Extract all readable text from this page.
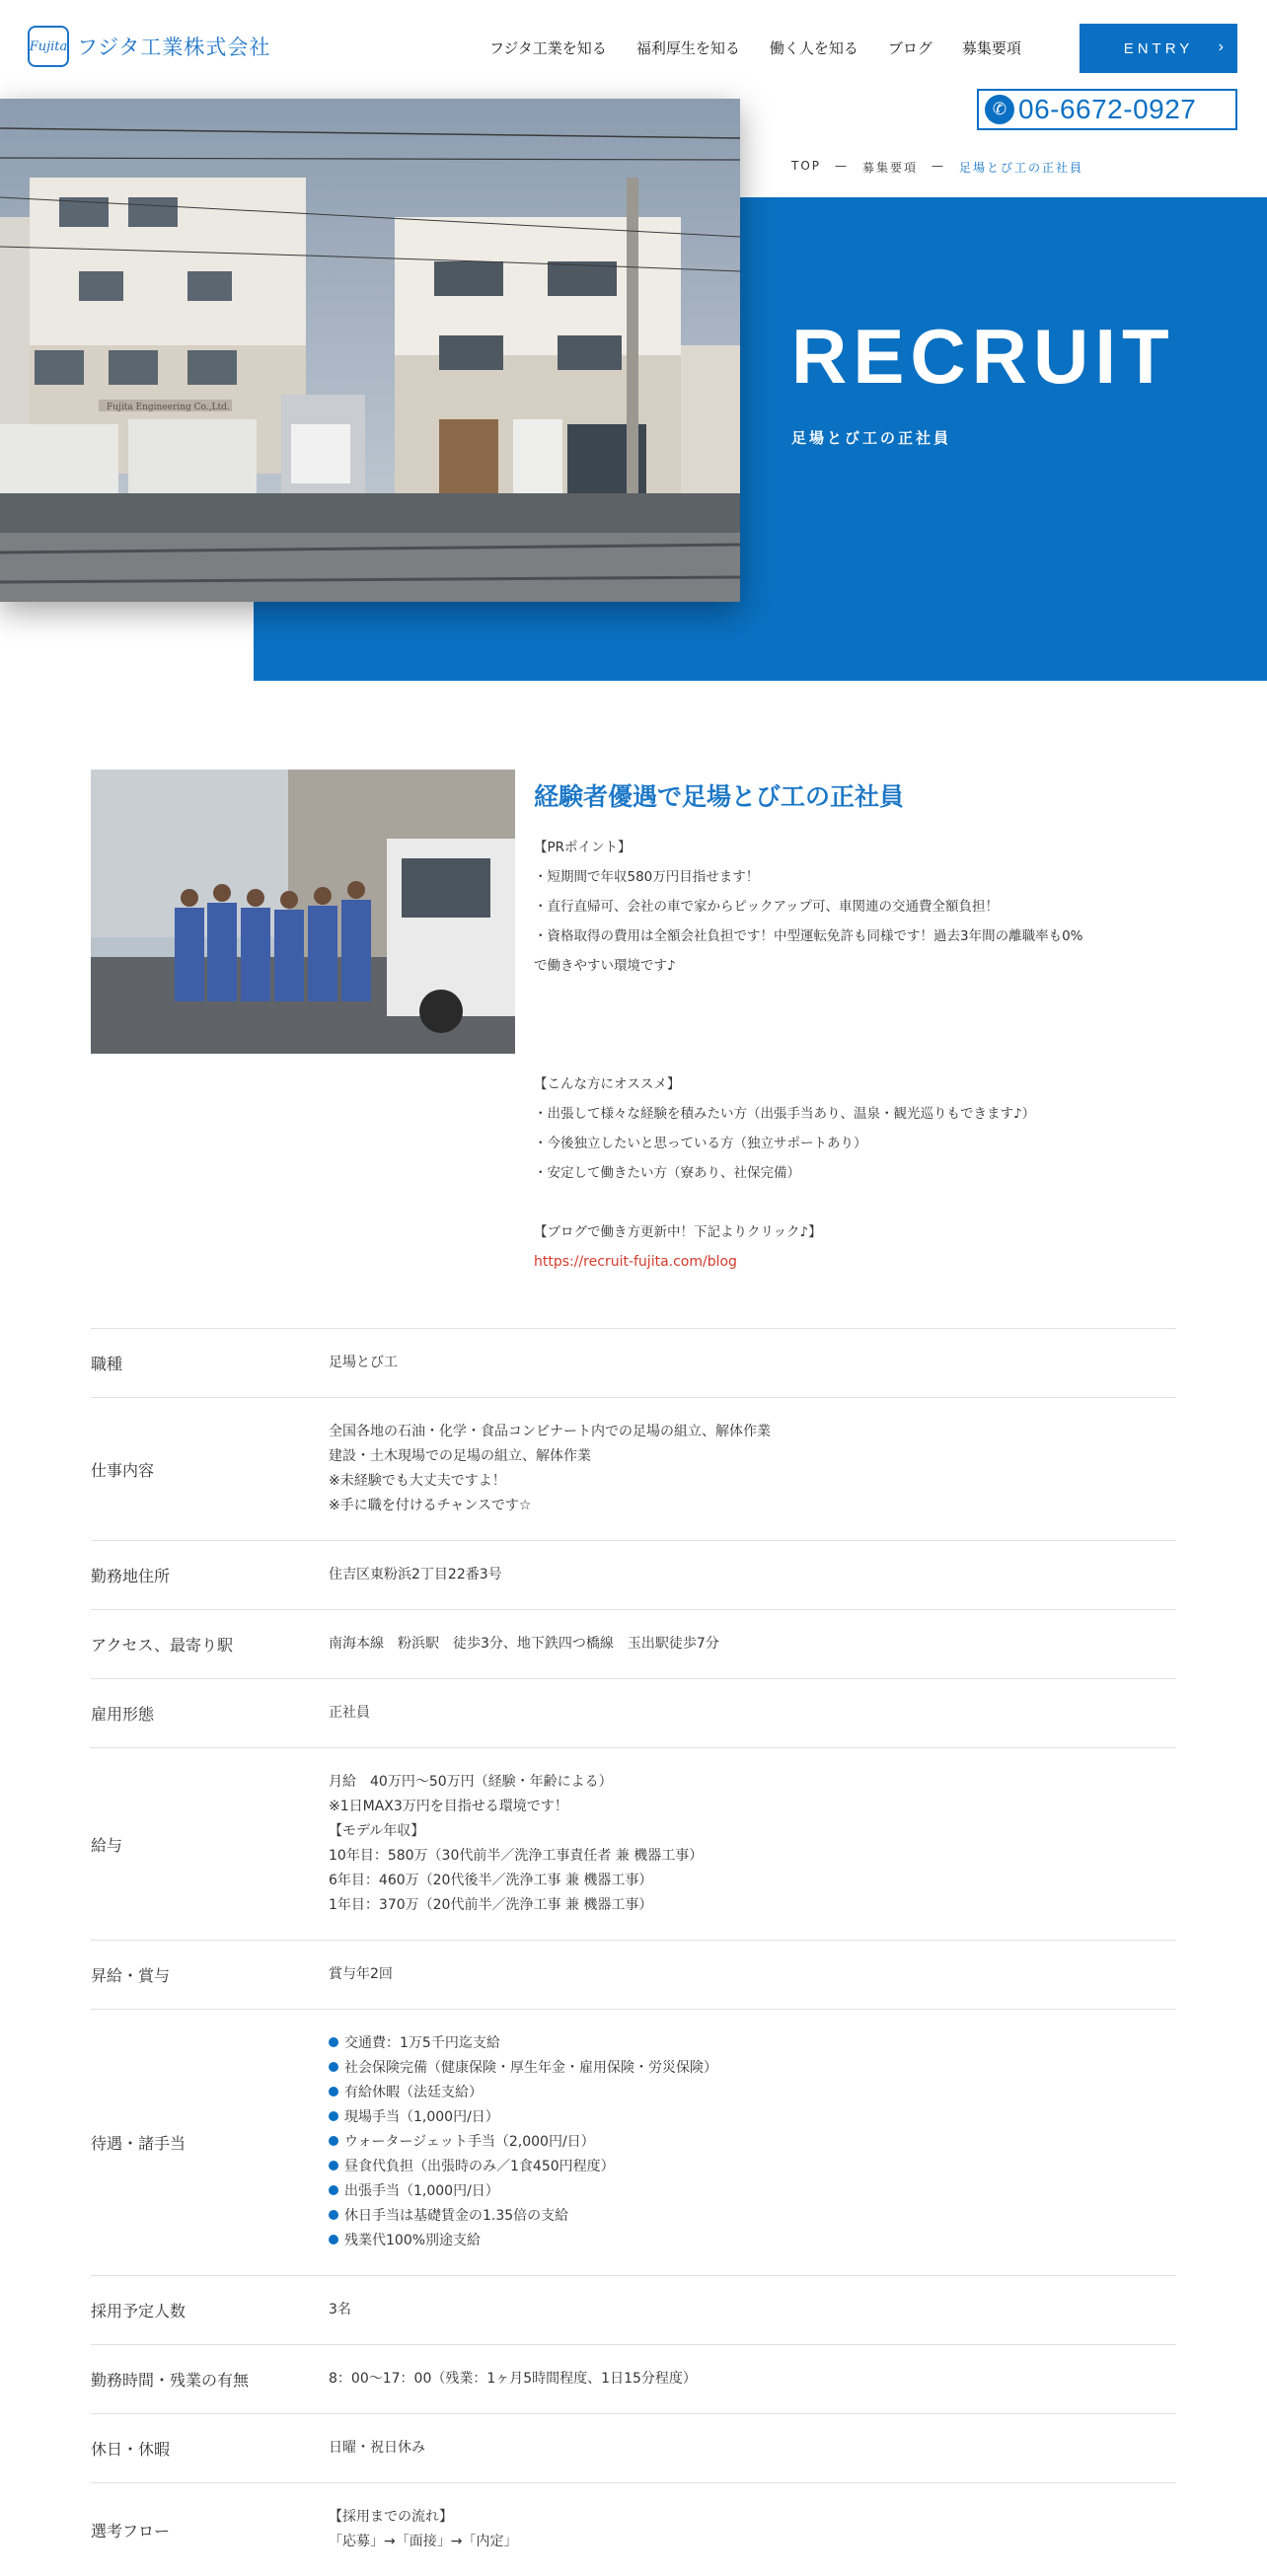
Fujita フジタ工業株式会社	フジタ工業を知る 福利厚生を知る 働く人を知る ブログ 募集要項	ENTRY ›
✆ 06-6672-0927
Fujita Engineering Co.,Ltd.
TOP — 募集要項 — 足場とび工の正社員
RECRUIT
足場とび工の正社員
経験者優遇で足場とび工の正社員

【PRポイント】

・短期間で年収580万円目指せます！

・直行直帰可、会社の車で家からピックアップ可、車関連の交通費全額負担！

・資格取得の費用は全額会社負担です！中型運転免許も同様です！過去3年間の離職率も0%

で働きやすい環境です♪

【こんな方にオススメ】

・出張して様々な経験を積みたい方（出張手当あり、温泉・観光巡りもできます♪）

・今後独立したいと思っている方（独立サポートあり）

・安定して働きたい方（寮あり、社保完備）

【ブログで働き方更新中！下記よりクリック♪】

https://recruit-fujita.com/blog

職種	足場とび工
仕事内容
全国各地の石油・化学・食品コンビナート内での足場の組立、解体作業
建設・土木現場での足場の組立、解体作業
※未経験でも大丈夫ですよ！
※手に職を付けるチャンスです☆
勤務地住所	住吉区東粉浜2丁目22番3号
アクセス、最寄り駅	南海本線　粉浜駅　徒歩3分、地下鉄四つ橋線　玉出駅徒歩7分
雇用形態	正社員
給与
月給　40万円～50万円（経験・年齢による）
※1日MAX3万円を目指せる環境です！
【モデル年収】
10年目：580万（30代前半／洗浄工事責任者 兼 機器工事）
6年目：460万（20代後半／洗浄工事 兼 機器工事）
1年目：370万（20代前半／洗浄工事 兼 機器工事）
昇給・賞与	賞与年2回
待遇・諸手当
交通費：1万5千円迄支給
社会保険完備（健康保険・厚生年金・雇用保険・労災保険）
有給休暇（法廷支給）
現場手当（1,000円/日）
ウォータージェット手当（2,000円/日）
昼食代負担（出張時のみ／1食450円程度）
出張手当（1,000円/日）
休日手当は基礎賃金の1.35倍の支給
残業代100%別途支給
採用予定人数	3名
勤務時間・残業の有無	8：00～17：00（残業：1ヶ月5時間程度、1日15分程度）
休日・休暇	日曜・祝日休み
選考フロー
【採用までの流れ】
「応募」→「面接」→「内定」
